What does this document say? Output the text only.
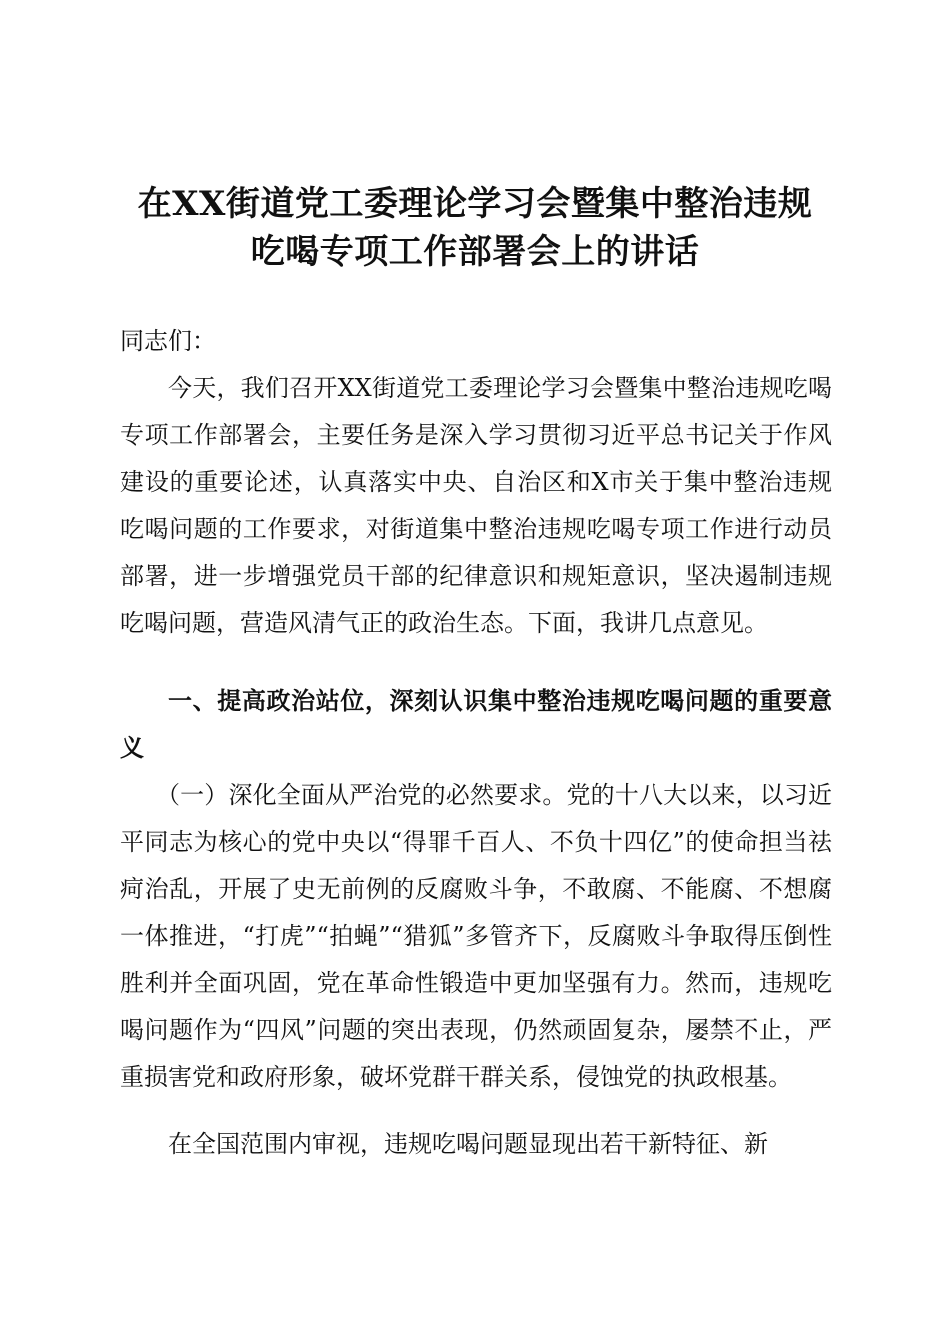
在XX街道党工委理论学习会暨集中整治违规
吃喝专项工作部署会上的讲话

同志们：

今天，我们召开XX街道党工委理论学习会暨集中整治违规吃喝专项工作部署会，主要任务是深入学习贯彻习近平总书记关于作风建设的重要论述，认真落实中央、自治区和X市关于集中整治违规吃喝问题的工作要求，对街道集中整治违规吃喝专项工作进行动员部署，进一步增强党员干部的纪律意识和规矩意识，坚决遏制违规吃喝问题，营造风清气正的政治生态。下面，我讲几点意见。

一、提高政治站位，深刻认识集中整治违规吃喝问题的重要意义

（一）深化全面从严治党的必然要求。党的十八大以来，以习近平同志为核心的党中央以“得罪千百人、不负十四亿”的使命担当祛疴治乱，开展了史无前例的反腐败斗争，不敢腐、不能腐、不想腐一体推进，“打虎”“拍蝇”“猎狐”多管齐下，反腐败斗争取得压倒性胜利并全面巩固，党在革命性锻造中更加坚强有力。然而，违规吃喝问题作为“四风”问题的突出表现，仍然顽固复杂，屡禁不止，严重损害党和政府形象，破坏党群干群关系，侵蚀党的执政根基。

在全国范围内审视，违规吃喝问题显现出若干新特征、新
